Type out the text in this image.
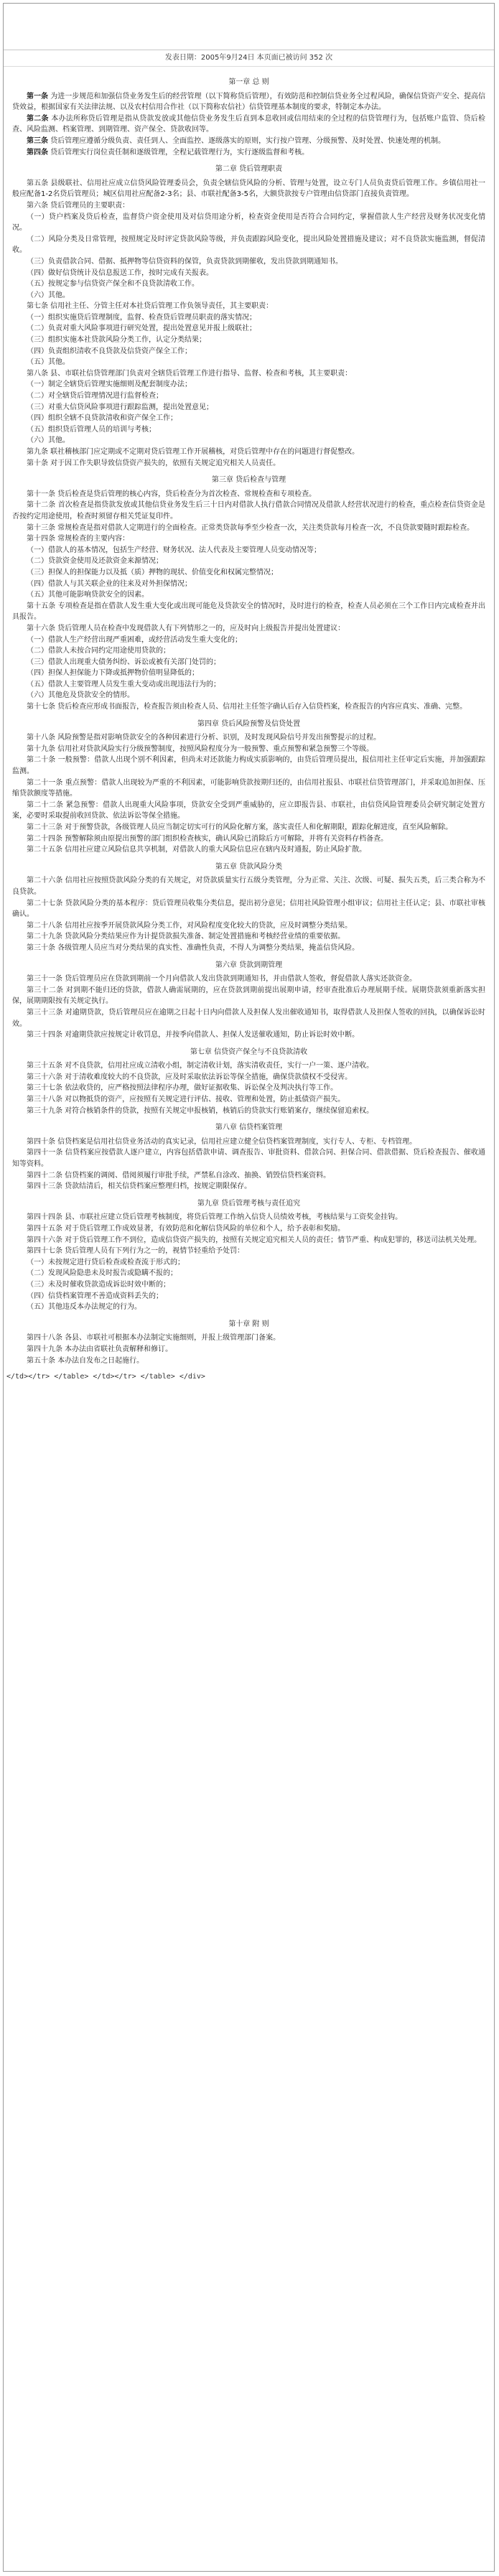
发表日期：2005年9月24日 本页面已被访问 352 次
第一章 总 则

第一条 为进一步规范和加强信贷业务发生后的经营管理（以下简称贷后管理），有效防范和控制信贷业务全过程风险，确保信贷资产安全、提高信贷效益，根据国家有关法律法规、以及农村信用合作社（以下简称农信社）信贷管理基本制度的要求，特制定本办法。

第二条 本办法所称贷后管理是指从贷款发放或其他信贷业务发生后直到本息收回或信用结束的全过程的信贷管理行为，包括账户监管、贷后检查、风险监测、档案管理、到期管理、资产保全、贷款收回等。

第三条 贷后管理应遵循分级负责、责任到人、全面监控、逐级落实的原则，实行按户管理、分级预警、及时处置、快速处理的机制。

第四条 贷后管理实行岗位责任制和逐级管理，全程记载管理行为，实行逐级监督和考核。

第二章 贷后管理职责

第五条 县级联社、信用社应成立信贷风险管理委员会，负责全辖信贷风险的分析、管理与处置，设立专门人员负责贷后管理工作。乡镇信用社一般应配备1-2名贷后管理员；城区信用社应配备2-3名；县、市联社配备3-5名，大额贷款按专户管理由信贷部门直接负责管理。

第六条 贷后管理员的主要职责：

（一）贷户档案及贷后检查，监督贷户资金使用及对信贷用途分析，检查资金使用是否符合合同约定，掌握借款人生产经营及财务状况变化情况。

（二）风险分类及日常管理，按照规定及时评定贷款风险等级，并负责跟踪风险变化，提出风险处置措施及建议；对不良贷款实施监测，督促清收。

（三）负责借款合同、借据、抵押物等信贷资料的保管，负责贷款到期催收，发出贷款到期通知书。

（四）做好信贷统计及信息报送工作，按时完成有关报表。

（五）按规定参与信贷资产保全和不良贷款清收工作。

（六）其他。

第七条 信用社主任、分管主任对本社贷后管理工作负领导责任，其主要职责：

（一）组织实施贷后管理制度，监督、检查贷后管理员职责的落实情况；

（二）负责对重大风险事项进行研究处置，提出处置意见并报上级联社；

（三）组织实施本社贷款风险分类工作，认定分类结果；

（四）负责组织清收不良贷款及信贷资产保全工作；

（五）其他。

第八条 县、市联社信贷管理部门负责对全辖贷后管理工作进行指导、监督、检查和考核，其主要职责：

（一）制定全辖贷后管理实施细则及配套制度办法；

（二）对全辖贷后管理情况进行监督检查；

（三）对重大信贷风险事项进行跟踪监测，提出处置意见；

（四）组织全辖不良贷款清收和资产保全工作；

（五）组织贷后管理人员的培训与考核；

（六）其他。

第九条 联社稽核部门应定期或不定期对贷后管理工作开展稽核，对贷后管理中存在的问题进行督促整改。

第十条 对于因工作失职导致信贷资产损失的，依照有关规定追究相关人员责任。

第三章 贷后检查与管理

第十一条 贷后检查是贷后管理的核心内容，贷后检查分为首次检查、常规检查和专项检查。

第十二条 首次检查是指贷款发放或其他信贷业务发生后三十日内对借款人执行借款合同情况及借款人经营状况进行的检查，重点检查信贷资金是否按约定用途使用，检查时须留存相关凭证复印件。

第十三条 常规检查是指对借款人定期进行的全面检查。正常类贷款每季至少检查一次，关注类贷款每月检查一次，不良贷款要随时跟踪检查。

第十四条 常规检查的主要内容：

（一）借款人的基本情况，包括生产经营、财务状况、法人代表及主要管理人员变动情况等；

（二）贷款资金使用及还款资金来源情况；

（三）担保人的担保能力以及抵（质）押物的现状、价值变化和权属完整情况；

（四）借款人与其关联企业的往来及对外担保情况；

（五）其他可能影响贷款安全的因素。

第十五条 专项检查是指在借款人发生重大变化或出现可能危及贷款安全的情况时，及时进行的检查，检查人员必须在三个工作日内完成检查并出具报告。

第十六条 贷后管理人员在检查中发现借款人有下列情形之一的，应及时向上级报告并提出处置建议：

（一）借款人生产经营出现严重困难，或经营活动发生重大变化的；

（二）借款人未按合同约定用途使用贷款的；

（三）借款人出现重大债务纠纷、诉讼或被有关部门处罚的；

（四）担保人担保能力下降或抵押物价值明显降低的；

（五）借款人主要管理人员发生重大变动或出现违法行为的；

（六）其他危及贷款安全的情形。

第十七条 贷后检查应形成书面报告，检查报告须由检查人员、信用社主任签字确认后存入信贷档案，检查报告的内容应真实、准确、完整。

第四章 贷后风险预警及信贷处置

第十八条 风险预警是指对影响贷款安全的各种因素进行分析、识别，及时发现风险信号并发出预警提示的过程。

第十九条 信用社对贷款风险实行分级预警制度，按照风险程度分为一般预警、重点预警和紧急预警三个等级。

第二十条 一般预警：借款人出现个别不利因素，但尚未对还款能力构成实质影响的，由贷后管理员提出，报信用社主任审定后实施，并加强跟踪监测。

第二十一条 重点预警：借款人出现较为严重的不利因素，可能影响贷款按期归还的，由信用社报县、市联社信贷管理部门，并采取追加担保、压缩贷款额度等措施。

第二十二条 紧急预警：借款人出现重大风险事项，贷款安全受到严重威胁的，应立即报告县、市联社，由信贷风险管理委员会研究制定处置方案，必要时采取提前收回贷款、依法诉讼等保全措施。

第二十三条 对于预警贷款，各级管理人员应当制定切实可行的风险化解方案，落实责任人和化解期限，跟踪化解进度，直至风险解除。

第二十四条 预警解除须由原提出预警的部门组织检查核实，确认风险已消除后方可解除，并将有关资料存档备查。

第二十五条 信用社应建立风险信息共享机制，对借款人的重大风险信息应在辖内及时通报，防止风险扩散。

第五章 贷款风险分类

第二十六条 信用社应按照贷款风险分类的有关规定，对贷款质量实行五级分类管理，分为正常、关注、次级、可疑、损失五类，后三类合称为不良贷款。

第二十七条 贷款风险分类的基本程序：贷后管理员收集分类信息，提出初分意见；信用社风险管理小组审议；信用社主任认定；县、市联社审核确认。

第二十八条 信用社应按季开展贷款风险分类工作，对风险程度变化较大的贷款，应及时调整分类结果。

第二十九条 贷款风险分类结果应作为计提贷款损失准备、制定处置措施和考核经营业绩的重要依据。

第三十条 各级管理人员应当对分类结果的真实性、准确性负责，不得人为调整分类结果，掩盖信贷风险。

第六章 贷款到期管理

第三十一条 贷后管理员应在贷款到期前一个月向借款人发出贷款到期通知书，并由借款人签收，督促借款人落实还款资金。

第三十二条 对到期不能归还的贷款，借款人确需展期的，应在贷款到期前提出展期申请，经审查批准后办理展期手续。展期贷款须重新落实担保，展期期限按有关规定执行。

第三十三条 对逾期贷款，贷后管理员应在逾期之日起十日内向借款人及担保人发出催收通知书，取得借款人及担保人签收的回执，以确保诉讼时效。

第三十四条 对逾期贷款应按规定计收罚息，并按季向借款人、担保人发送催收通知，防止诉讼时效中断。

第七章 信贷资产保全与不良贷款清收

第三十五条 对不良贷款，信用社应成立清收小组，制定清收计划，落实清收责任，实行一户一策、逐户清收。

第三十六条 对于清收难度较大的不良贷款，应及时采取依法诉讼等保全措施，确保贷款债权不受侵害。

第三十七条 依法收贷的，应严格按照法律程序办理，做好证据收集、诉讼保全及判决执行等工作。

第三十八条 对以物抵贷的资产，应按照有关规定进行评估、接收、管理和处置，防止抵债资产损失。

第三十九条 对符合核销条件的贷款，按照有关规定申报核销，核销后的贷款实行账销案存，继续保留追索权。

第八章 信贷档案管理

第四十条 信贷档案是信用社信贷业务活动的真实记录，信用社应建立健全信贷档案管理制度，实行专人、专柜、专档管理。

第四十一条 信贷档案应按借款人逐户建立，内容包括借款申请、调查报告、审批资料、借款合同、担保合同、借款借据、贷后检查报告、催收通知等资料。

第四十二条 信贷档案的调阅、借阅须履行审批手续，严禁私自涂改、抽换、销毁信贷档案资料。

第四十三条 贷款结清后，相关信贷档案应整理归档，按规定期限保存。

第九章 贷后管理考核与责任追究

第四十四条 县、市联社应建立贷后管理考核制度，将贷后管理工作纳入信贷人员绩效考核，考核结果与工资奖金挂钩。

第四十五条 对于贷后管理工作成效显著，有效防范和化解信贷风险的单位和个人，给予表彰和奖励。

第四十六条 对于贷后管理工作不到位，造成信贷资产损失的，按照有关规定追究相关人员的责任；情节严重、构成犯罪的，移送司法机关处理。

第四十七条 贷后管理人员有下列行为之一的，视情节轻重给予处罚：

（一）未按规定进行贷后检查或检查流于形式的；

（二）发现风险隐患未及时报告或隐瞒不报的；

（三）未及时催收贷款造成诉讼时效中断的；

（四）信贷档案管理不善造成资料丢失的；

（五）其他违反本办法规定的行为。

第十章 附 则

第四十八条 各县、市联社可根据本办法制定实施细则，并报上级管理部门备案。

第四十九条 本办法由省联社负责解释和修订。

第五十条 本办法自发布之日起施行。

</td></tr> </table> </td></tr> </table> </div>
